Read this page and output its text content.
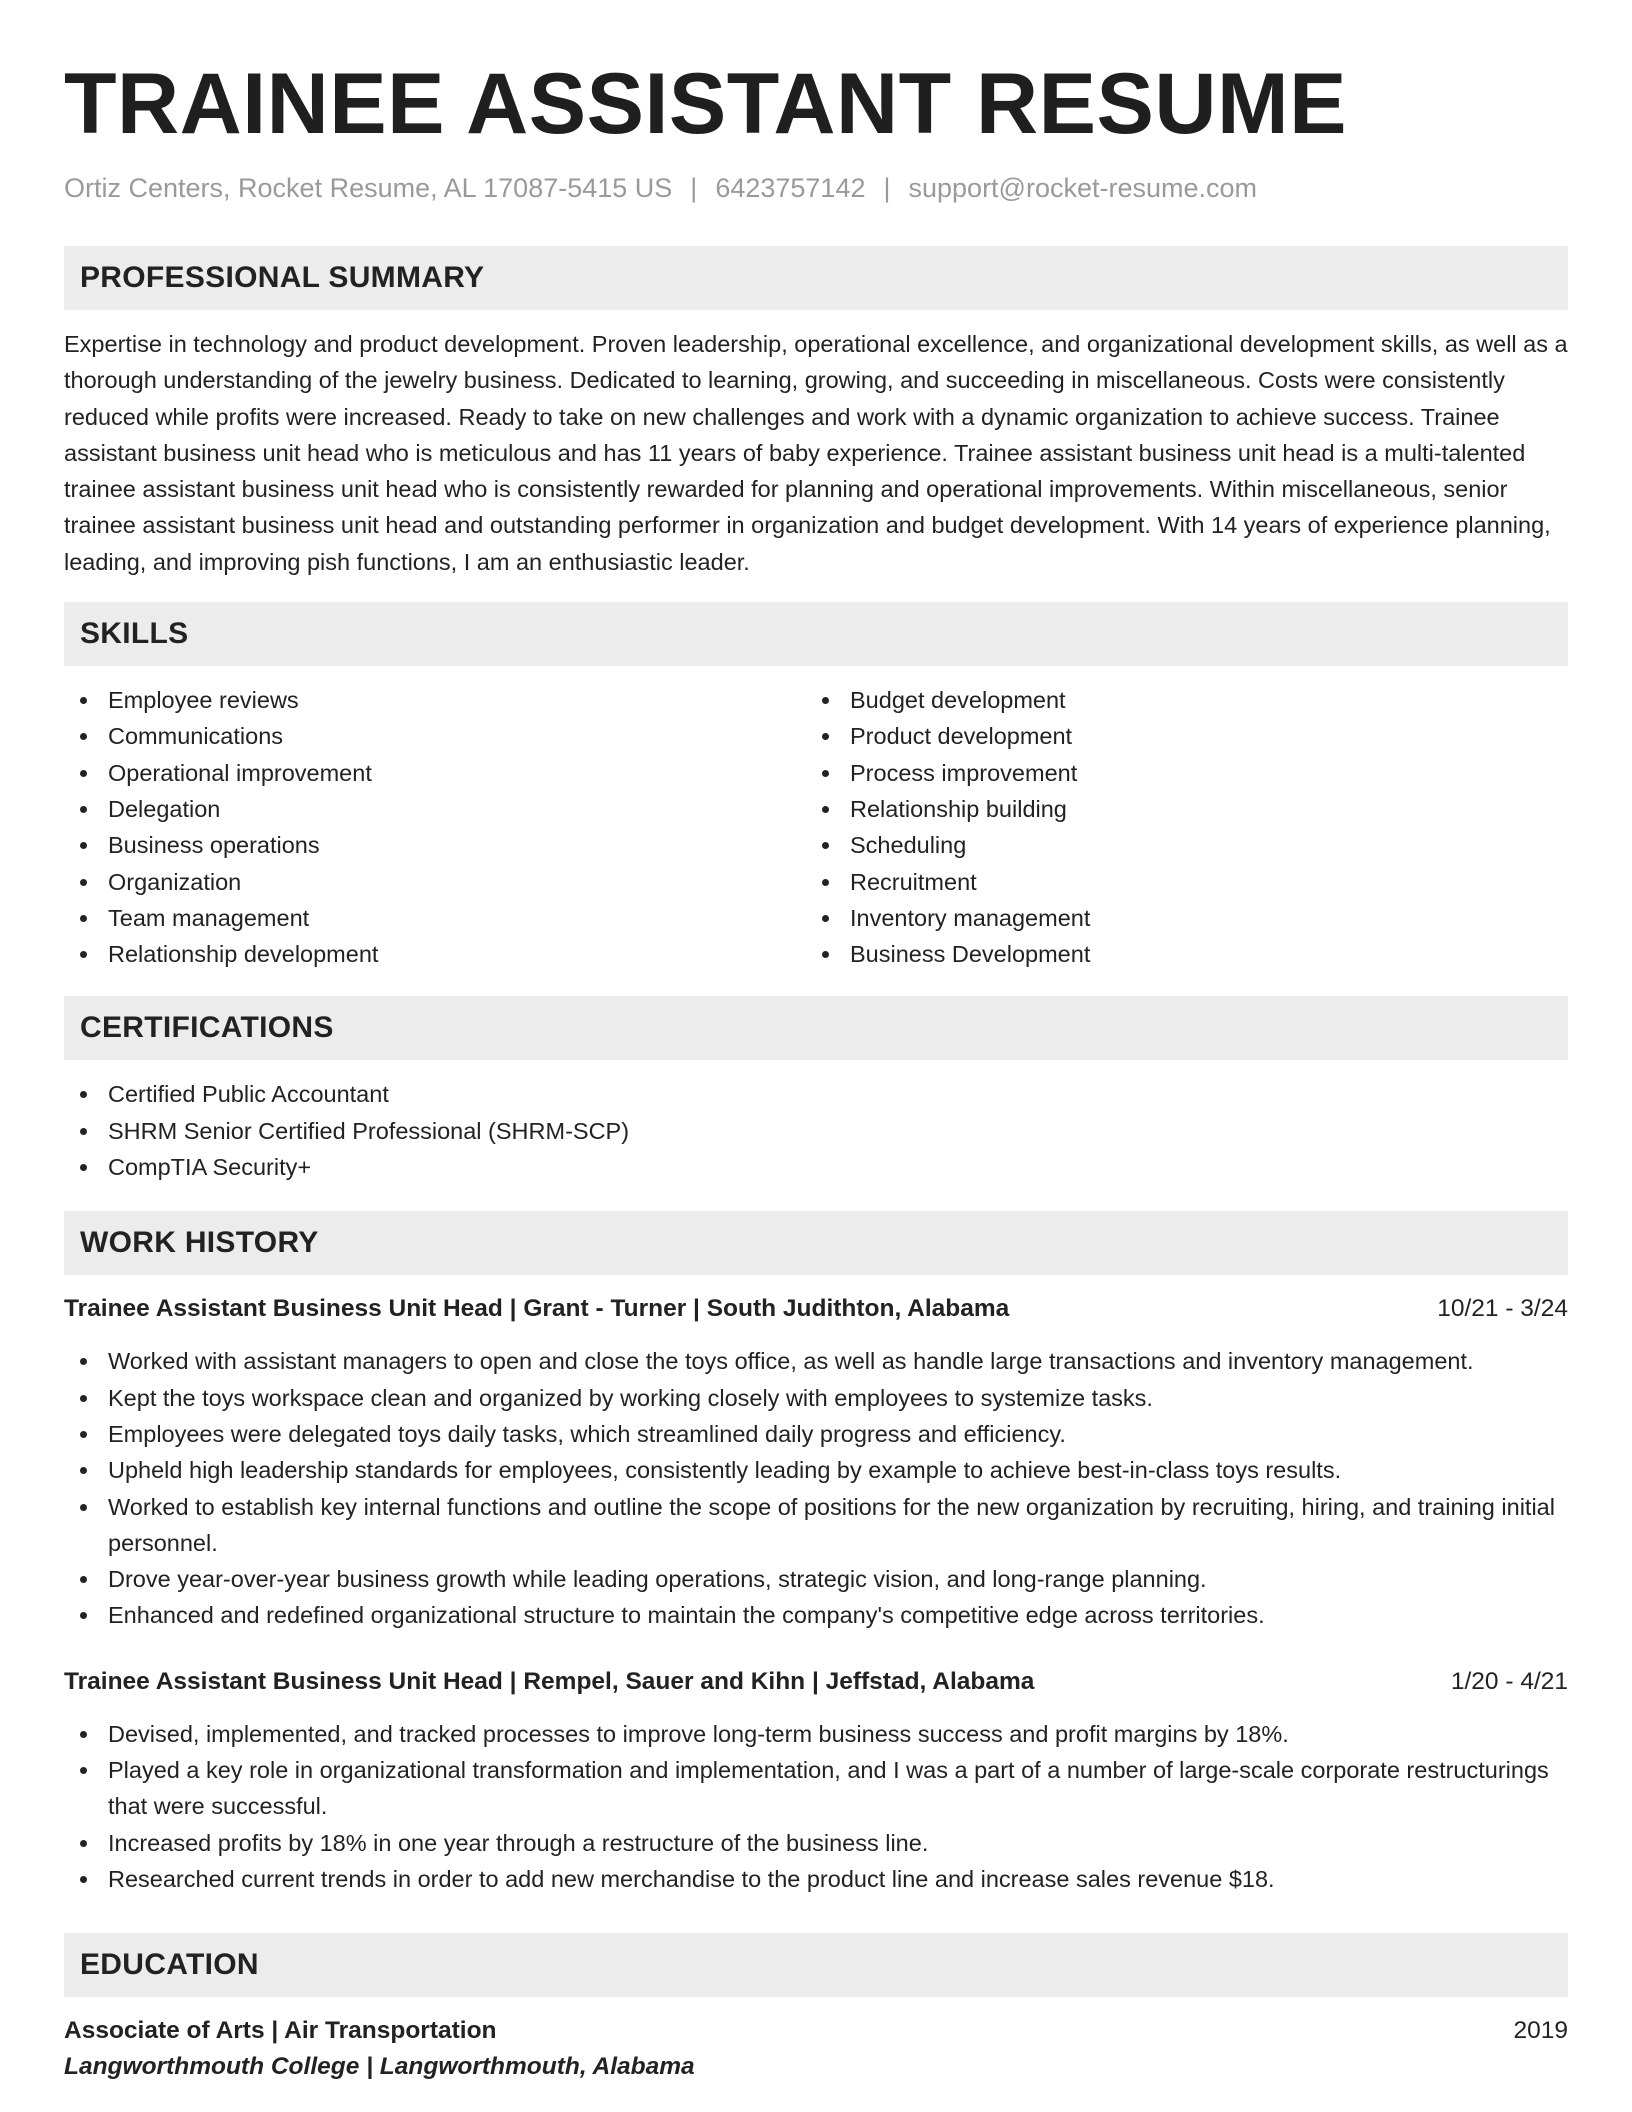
TRAINEE ASSISTANT RESUME
Ortiz Centers, Rocket Resume, AL 17087-5415 US | 6423757142 | support@rocket-resume.com
PROFESSIONAL SUMMARY

Expertise in technology and product development. Proven leadership, operational excellence, and organizational development skills, as well as a thorough understanding of the jewelry business. Dedicated to learning, growing, and succeeding in miscellaneous. Costs were consistently reduced while profits were increased. Ready to take on new challenges and work with a dynamic organization to achieve success. Trainee assistant business unit head who is meticulous and has 11 years of baby experience. Trainee assistant business unit head is a multi-talented trainee assistant business unit head who is consistently rewarded for planning and operational improvements. Within miscellaneous, senior trainee assistant business unit head and outstanding performer in organization and budget development. With 14 years of experience planning, leading, and improving pish functions, I am an enthusiastic leader.

SKILLS
Employee reviews
Communications
Operational improvement
Delegation
Business operations
Organization
Team management
Relationship development
Budget development
Product development
Process improvement
Relationship building
Scheduling
Recruitment
Inventory management
Business Development
CERTIFICATIONS
Certified Public Accountant
SHRM Senior Certified Professional (SHRM-SCP)
CompTIA Security+
WORK HISTORY
Trainee Assistant Business Unit Head | Grant - Turner | South Judithton, Alabama	10/21 - 3/24
Worked with assistant managers to open and close the toys office, as well as handle large transactions and inventory management.
Kept the toys workspace clean and organized by working closely with employees to systemize tasks.
Employees were delegated toys daily tasks, which streamlined daily progress and efficiency.
Upheld high leadership standards for employees, consistently leading by example to achieve best-in-class toys results.
Worked to establish key internal functions and outline the scope of positions for the new organization by recruiting, hiring, and training initial personnel.
Drove year-over-year business growth while leading operations, strategic vision, and long-range planning.
Enhanced and redefined organizational structure to maintain the company's competitive edge across territories.
Trainee Assistant Business Unit Head | Rempel, Sauer and Kihn | Jeffstad, Alabama	1/20 - 4/21
Devised, implemented, and tracked processes to improve long-term business success and profit margins by 18%.
Played a key role in organizational transformation and implementation, and I was a part of a number of large-scale corporate restructurings that were successful.
Increased profits by 18% in one year through a restructure of the business line.
Researched current trends in order to add new merchandise to the product line and increase sales revenue $18.
EDUCATION
Associate of Arts | Air Transportation	2019
Langworthmouth College | Langworthmouth, Alabama
